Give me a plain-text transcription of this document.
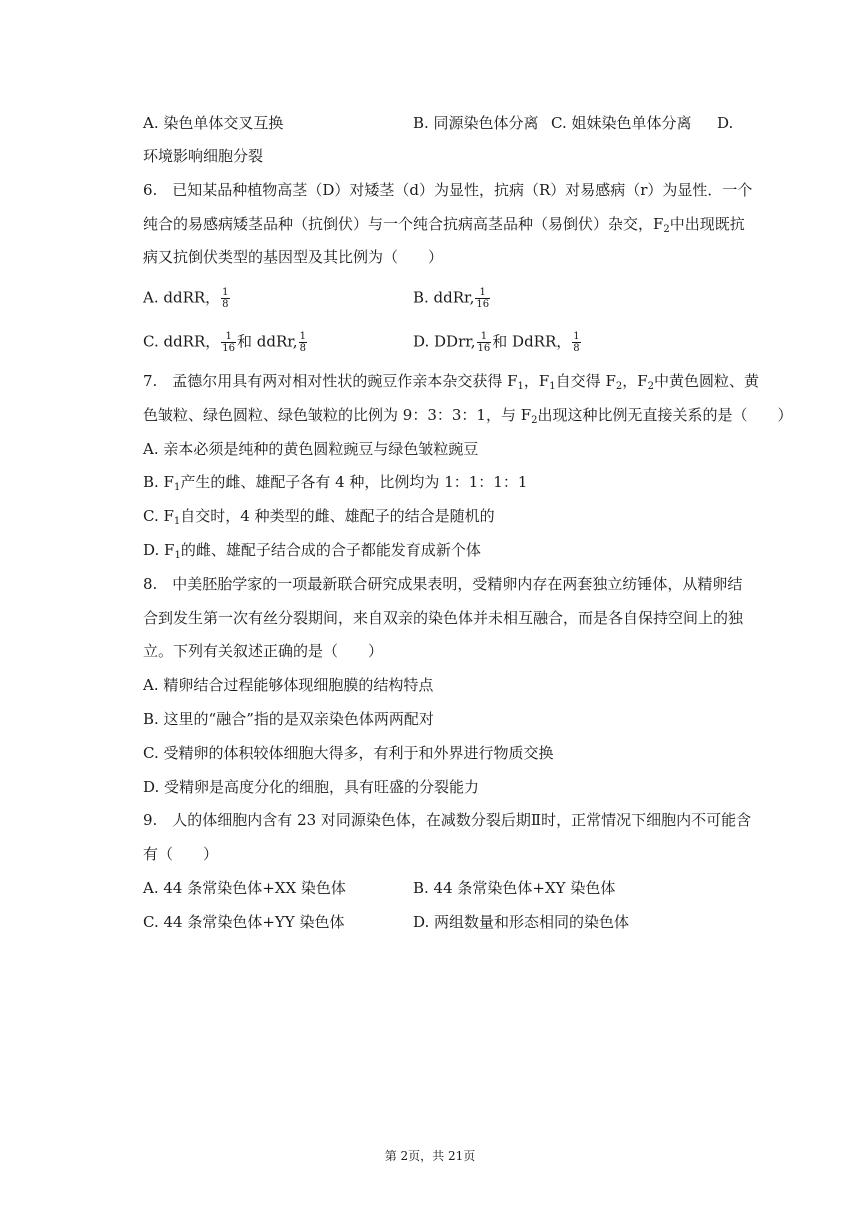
A. 染色单体交叉互换	B. 同源染色体分离 C. 姐妹染色单体分离 D.
环境影响细胞分裂
6.　已知某品种植物高茎（D）对矮茎（d）为显性，抗病（R）对易感病（r）为显性．一个
纯合的易感病矮茎品种（抗倒伏）与一个纯合抗病高茎品种（易倒伏）杂交，$F_2$中出现既抗
病又抗倒伏类型的基因型及其比例为（　　）
A. ddRR， $\frac{1}{8}$	B. ddRr, $\frac{1}{16}$
C. ddRR， $\frac{1}{16}$ 和 ddRr, $\frac{1}{8}$	D. DDrr, $\frac{1}{16}$ 和 DdRR， $\frac{1}{8}$
7.　孟德尔用具有两对相对性状的豌豆作亲本杂交获得 $F_1$，$F_1$自交得 $F_2$，$F_2$中黄色圆粒、黄
色皱粒、绿色圆粒、绿色皱粒的比例为 9：3：3：1，与 $F_2$出现这种比例无直接关系的是（　　）
A. 亲本必须是纯种的黄色圆粒豌豆与绿色皱粒豌豆
B. $F_1$产生的雌、雄配子各有 4 种，比例均为 1：1：1：1
C. $F_1$自交时，4 种类型的雌、雄配子的结合是随机的
D. $F_1$的雌、雄配子结合成的合子都能发育成新个体
8.　中美胚胎学家的一项最新联合研究成果表明，受精卵内存在两套独立纺锤体，从精卵结
合到发生第一次有丝分裂期间，来自双亲的染色体并未相互融合，而是各自保持空间上的独
立。下列有关叙述正确的是（　　）
A. 精卵结合过程能够体现细胞膜的结构特点
B. 这里的“融合”指的是双亲染色体两两配对
C. 受精卵的体积较体细胞大得多，有利于和外界进行物质交换
D. 受精卵是高度分化的细胞，具有旺盛的分裂能力
9.　人的体细胞内含有 23 对同源染色体，在减数分裂后期Ⅱ时，正常情况下细胞内不可能含
有（　　）
A. 44 条常染色体+XX 染色体	B. 44 条常染色体+XY 染色体
C. 44 条常染色体+YY 染色体	D. 两组数量和形态相同的染色体
第 2页，共 21页
